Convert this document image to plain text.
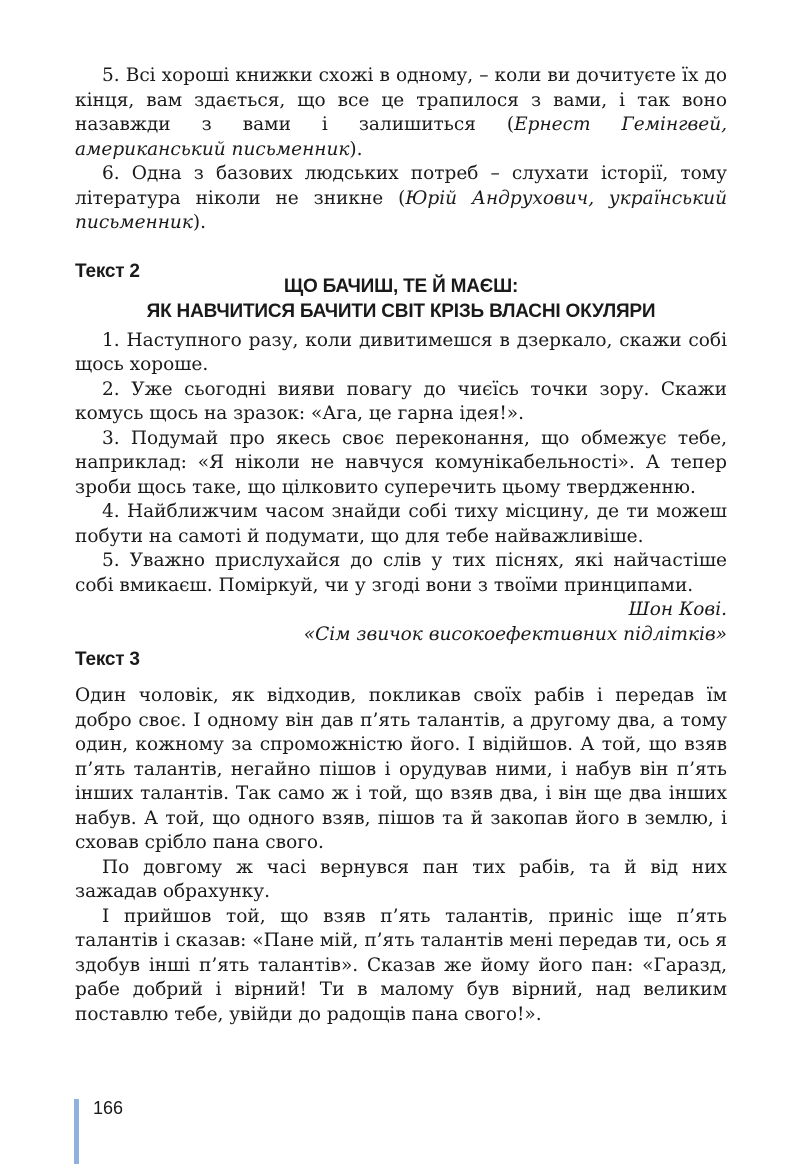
5. Всі хороші книжки схожі в одному, – коли ви дочитуєте їх до кінця, вам здається, що все це трапилося з вами, і так воно назавжди з вами і залишиться (Ернест Гемінгвей, американський письменник).

6. Одна з базових людських потреб – слухати історії, тому література ніколи не зникне (Юрій Андрухович, український письменник).

Текст 2
ЩО БАЧИШ, ТЕ Й МАЄШ:
ЯК НАВЧИТИСЯ БАЧИТИ СВІТ КРІЗЬ ВЛАСНІ ОКУЛЯРИ

1. Наступного разу, коли дивитимешся в дзеркало, скажи собі щось хороше.

2. Уже сьогодні вияви повагу до чиєїсь точки зору. Скажи комусь щось на зразок: «Ага, це гарна ідея!».

3. Подумай про якесь своє переконання, що обмежує тебе, наприклад: «Я ніколи не навчуся комунікабельності». А тепер зроби щось таке, що цілковито суперечить цьому твердженню.

4. Найближчим часом знайди собі тиху місцину, де ти можеш побути на самоті й подумати, що для тебе найважливіше.

5. Уважно прислухайся до слів у тих піснях, які найчастіше собі вмикаєш. Поміркуй, чи у згоді вони з твоїми принципами.

Шон Кові.

«Сім звичок високоефективних підлітків»

Текст 3

Один чоловік, як відходив, покликав своїх рабів і передав їм добро своє. І одному він дав п’ять талантів, а другому два, а тому один, кожному за спроможністю його. І відійшов. А той, що взяв п’ять талантів, негайно пішов і орудував ними, і набув він п’ять інших талантів. Так само ж і той, що взяв два, і він ще два інших набув. А той, що одного взяв, пішов та й закопав його в землю, і сховав срібло пана свого.

По довгому ж часі вернувся пан тих рабів, та й від них зажадав обрахунку.

І прийшов той, що взяв п’ять талантів, приніс іще п’ять талантів і сказав: «Пане мій, п’ять талантів мені передав ти, ось я здобув інші п’ять талантів». Сказав же йому його пан: «Гаразд, рабе добрий і вірний! Ти в малому був вірний, над великим поставлю тебе, увійди до радощів пана свого!».

166
